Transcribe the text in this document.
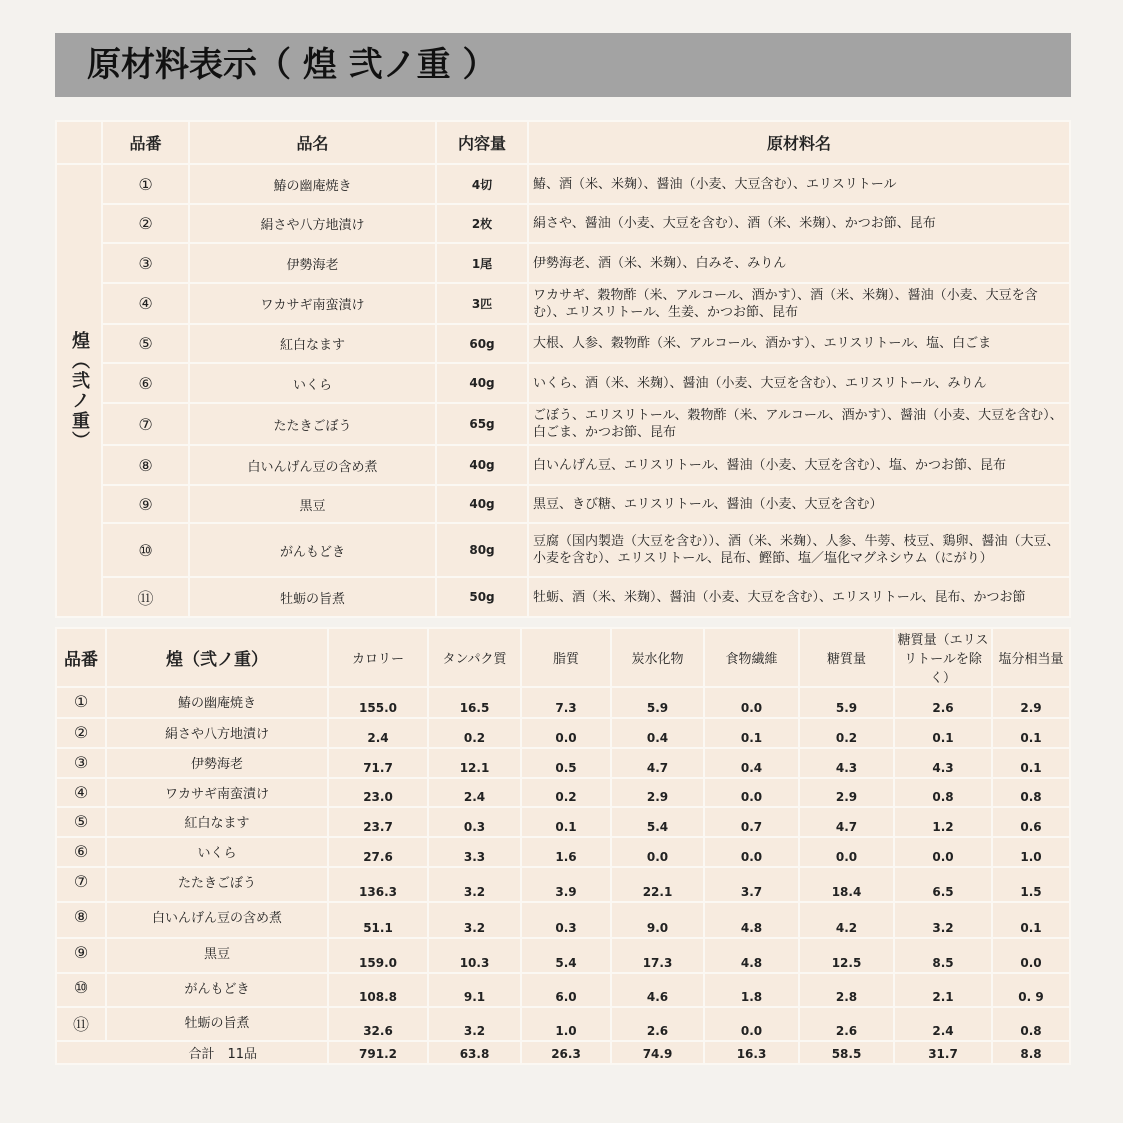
原材料表示（ 煌 弐ノ重 ）
	品番	品名	内容量	原材料名
煌（弐ノ重）	①	鰆の幽庵焼き	4切	鰆、酒（米、米麹）、醤油（小麦、大豆含む）、エリスリトール
	②	絹さや八方地漬け	2枚	絹さや、醤油（小麦、大豆を含む）、酒（米、米麹）、かつお節、昆布
	③	伊勢海老	1尾	伊勢海老、酒（米、米麹）、白みそ、みりん
	④	ワカサギ南蛮漬け	3匹	ワカサギ、穀物酢（米、アルコール、酒かす）、酒（米、米麹）、醤油（小麦、大豆を含む）、エリスリトール、生姜、かつお節、昆布
	⑤	紅白なます	60g	大根、人参、穀物酢（米、アルコール、酒かす）、エリスリトール、塩、白ごま
	⑥	いくら	40g	いくら、酒（米、米麹）、醤油（小麦、大豆を含む）、エリスリトール、みりん
	⑦	たたきごぼう	65g	ごぼう、エリスリトール、穀物酢（米、アルコール、酒かす）、醤油（小麦、大豆を含む）、白ごま、かつお節、昆布
	⑧	白いんげん豆の含め煮	40g	白いんげん豆、エリスリトール、醤油（小麦、大豆を含む）、塩、かつお節、昆布
	⑨	黒豆	40g	黒豆、きび糖、エリスリトール、醤油（小麦、大豆を含む）
	⑩	がんもどき	80g	豆腐（国内製造（大豆を含む））、酒（米、米麹）、人参、牛蒡、枝豆、鶏卵、醤油（大豆、小麦を含む）、エリスリトール、昆布、鰹節、塩／塩化マグネシウム（にがり）
	⑪	牡蛎の旨煮	50g	牡蛎、酒（米、米麹）、醤油（小麦、大豆を含む）、エリスリトール、昆布、かつお節
品番	煌（弐ノ重）	カロリー	タンパク質	脂質	炭水化物	食物繊維	糖質量	糖質量（エリスリトールを除く）	塩分相当量
①	鰆の幽庵焼き	155.0	16.5	7.3	5.9	0.0	5.9	2.6	2.9
②	絹さや八方地漬け	2.4	0.2	0.0	0.4	0.1	0.2	0.1	0.1
③	伊勢海老	71.7	12.1	0.5	4.7	0.4	4.3	4.3	0.1
④	ワカサギ南蛮漬け	23.0	2.4	0.2	2.9	0.0	2.9	0.8	0.8
⑤	紅白なます	23.7	0.3	0.1	5.4	0.7	4.7	1.2	0.6
⑥	いくら	27.6	3.3	1.6	0.0	0.0	0.0	0.0	1.0
⑦	たたきごぼう	136.3	3.2	3.9	22.1	3.7	18.4	6.5	1.5
⑧	白いんげん豆の含め煮	51.1	3.2	0.3	9.0	4.8	4.2	3.2	0.1
⑨	黒豆	159.0	10.3	5.4	17.3	4.8	12.5	8.5	0.0
⑩	がんもどき	108.8	9.1	6.0	4.6	1.8	2.8	2.1	0. 9
⑪	牡蛎の旨煮	32.6	3.2	1.0	2.6	0.0	2.6	2.4	0.8
合計　11品		791.2	63.8	26.3	74.9	16.3	58.5	31.7	8.8
